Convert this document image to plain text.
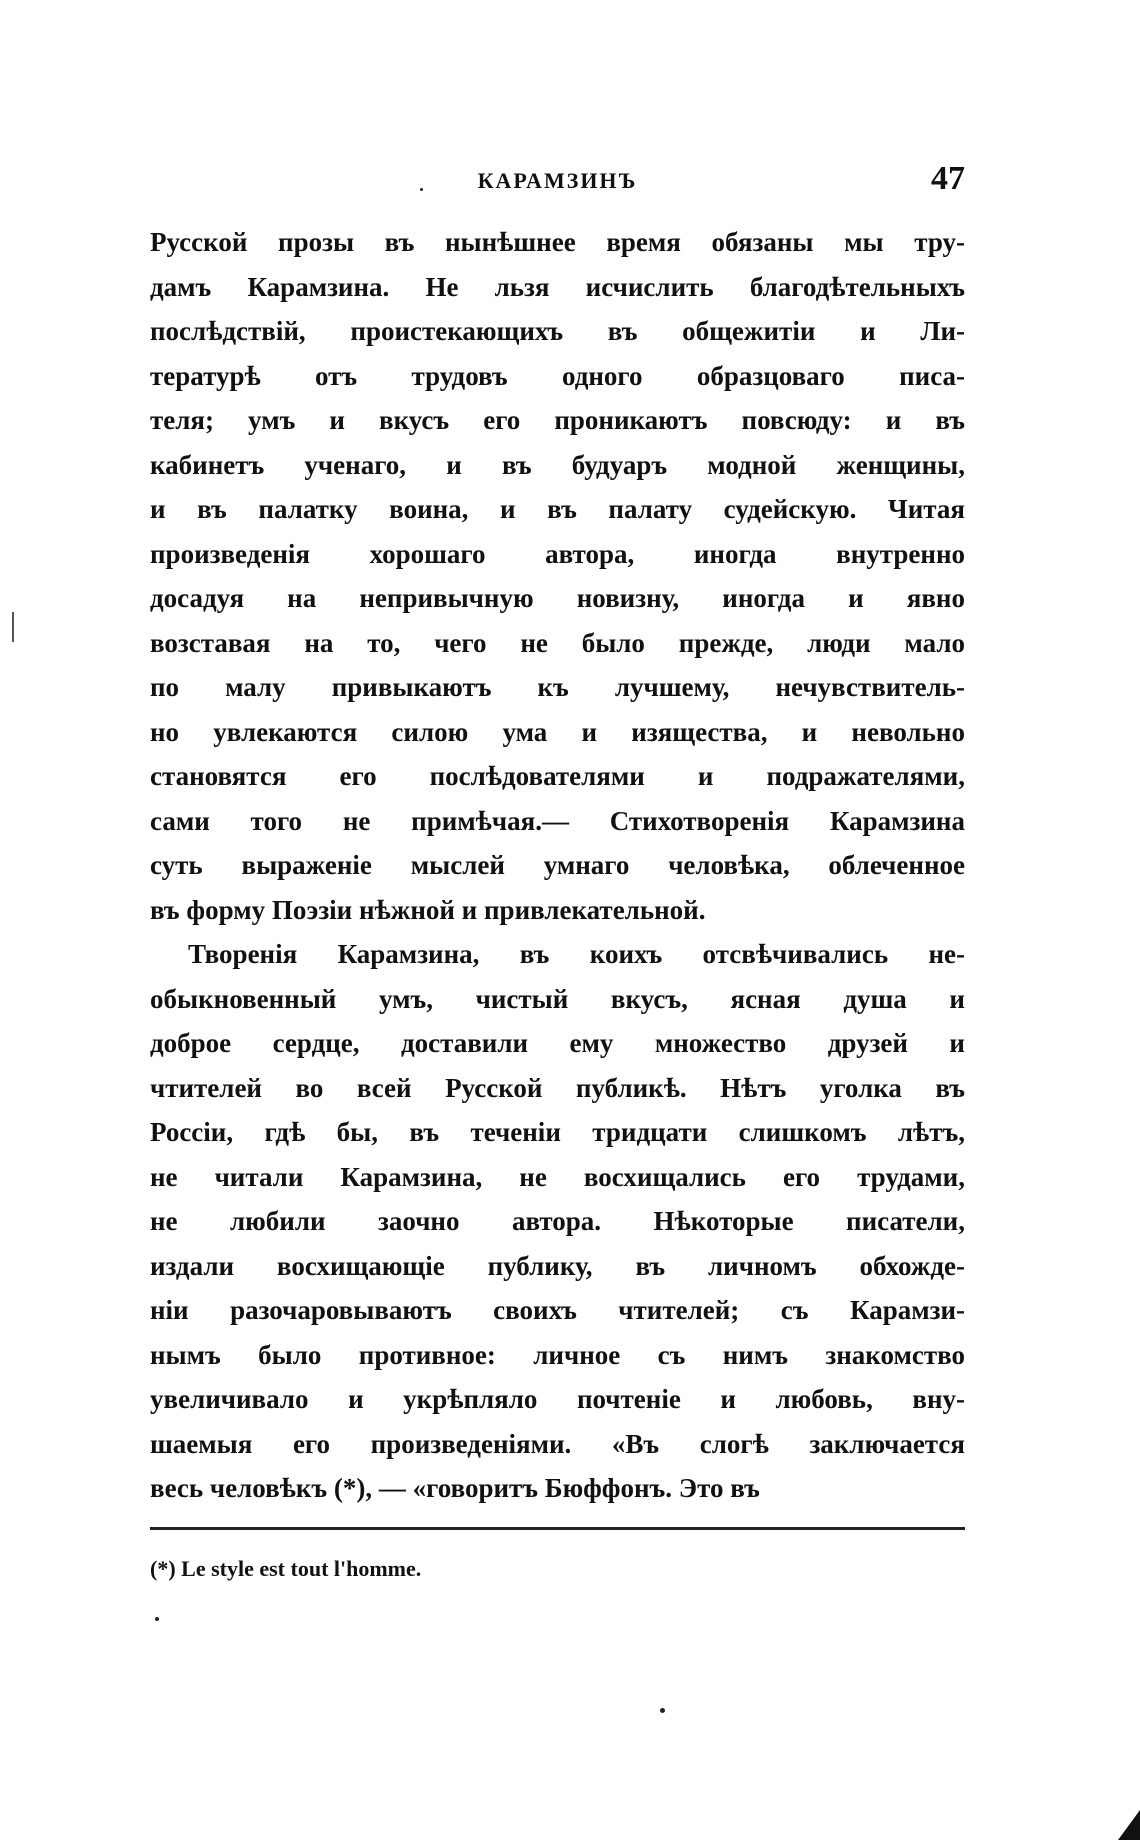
КАРАМЗИНЪ	47
Русской прозы въ нынѣшнее время обязаны мы тру-
дамъ Карамзина. Не льзя исчислить благодѣтельныхъ
послѣдствій, проистекающихъ въ общежитіи и Ли-
тературѣ отъ трудовъ одного образцоваго писа-
теля; умъ и вкусъ его проникаютъ повсюду: и въ
кабинетъ ученаго, и въ будуаръ модной женщины,
и въ палатку воина, и въ палату судейскую. Читая
произведенія хорошаго автора, иногда внутренно
досадуя на непривычную новизну, иногда и явно
возставая на то, чего не было прежде, люди мало
по малу привыкаютъ къ лучшему, нечувствитель-
но увлекаются силою ума и изящества, и невольно
становятся его послѣдователями и подражателями,
сами того не примѣчая.— Стихотворенія Карамзина
суть выраженіе мыслей умнаго человѣка, облеченное
въ форму Поэзіи нѣжной и привлекательной.
Творенія Карамзина, въ коихъ отсвѣчивались не-
обыкновенный умъ, чистый вкусъ, ясная душа и
доброе сердце, доставили ему множество друзей и
чтителей во всей Русской публикѣ. Нѣтъ уголка въ
Россіи, гдѣ бы, въ теченіи тридцати слишкомъ лѣтъ,
не читали Карамзина, не восхищались его трудами,
не любили заочно автора. Нѣкоторые писатели,
издали восхищающіе публику, въ личномъ обхожде-
ніи разочаровываютъ своихъ чтителей; съ Карамзи-
нымъ было противное: личное съ нимъ знакомство
увеличивало и укрѣпляло почтеніе и любовь, вну-
шаемыя его произведеніями. «Въ слогѣ заключается
весь человѣкъ (*), — «говоритъ Бюффонъ. Это въ
(*) Le style est tout l'homme.
